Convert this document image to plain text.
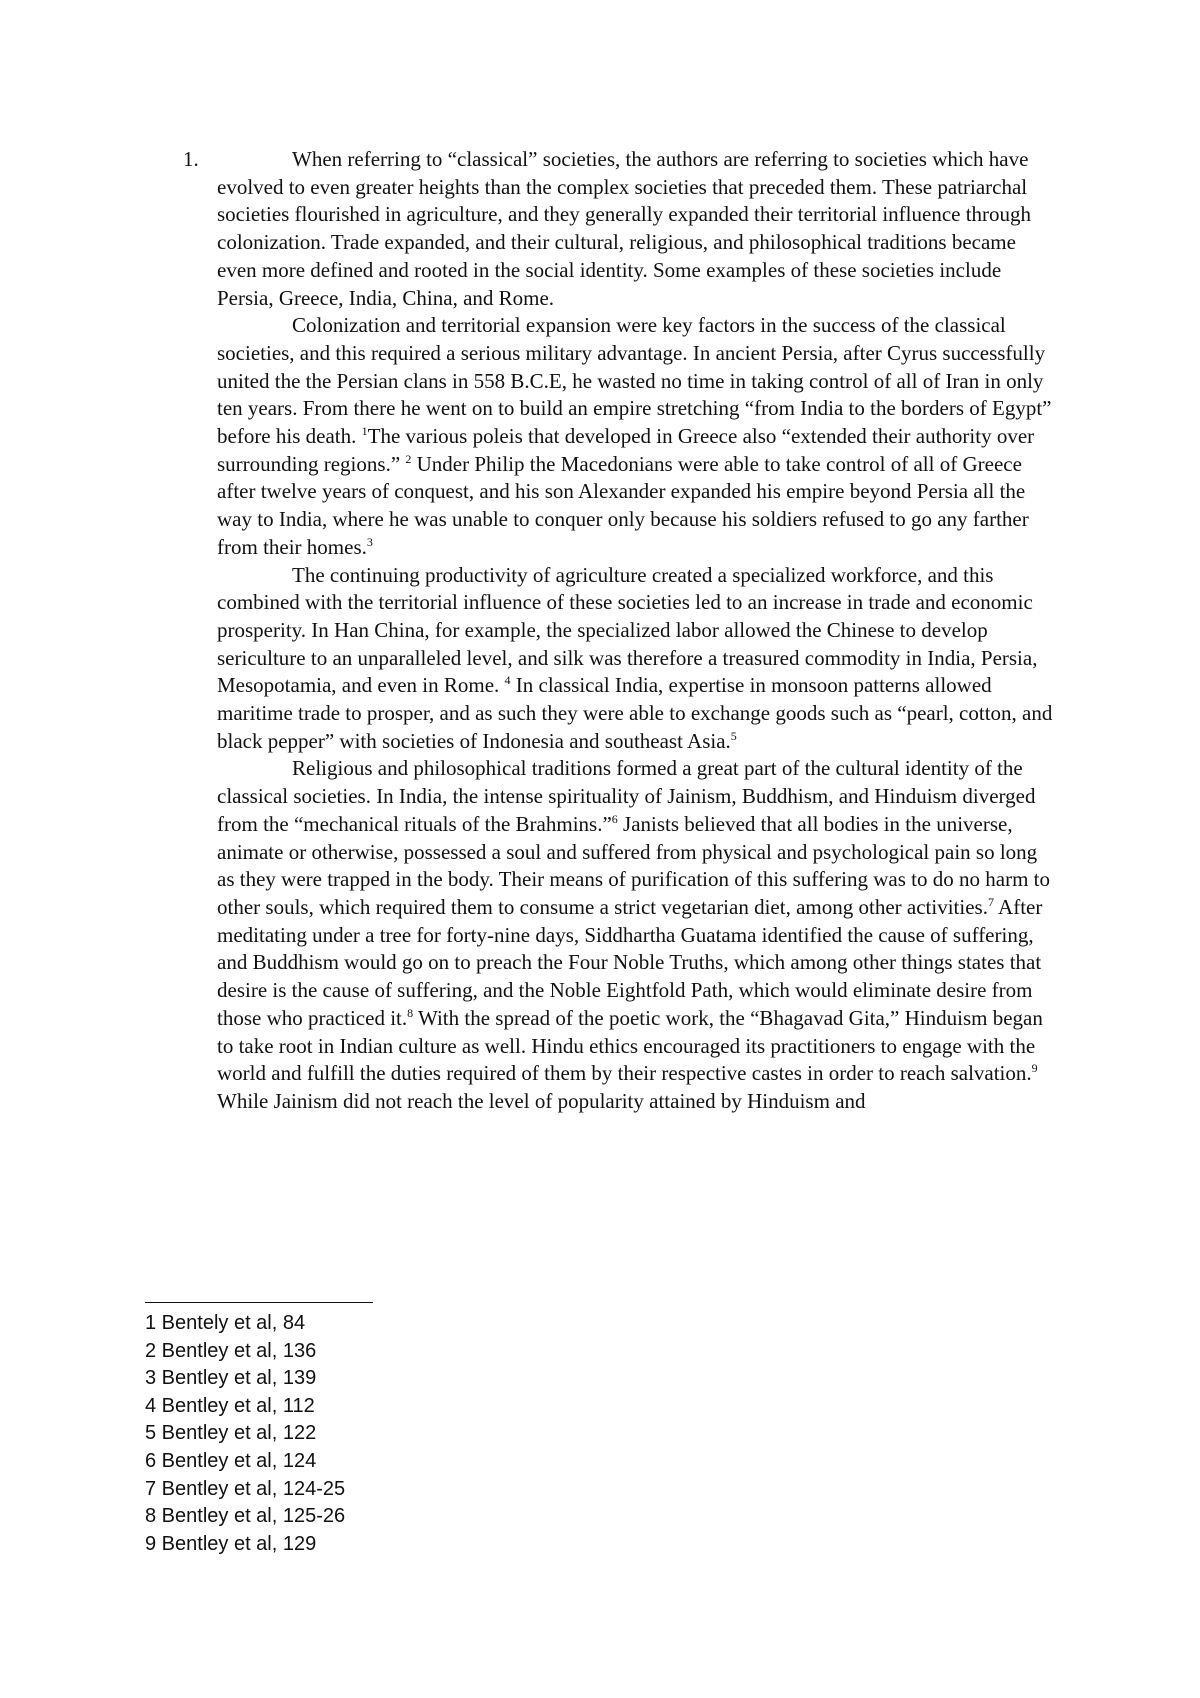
1.	When referring to “classical” societies, the authors are referring to societies which have evolved to even greater heights than the complex societies that preceded them. These patriarchal societies flourished in agriculture, and they generally expanded their territorial influence through colonization. Trade expanded, and their cultural, religious, and philosophical traditions became even more defined and rooted in the social identity. Some examples of these societies include Persia, Greece, India, China, and Rome.

Colonization and territorial expansion were key factors in the success of the classical societies, and this required a serious military advantage. In ancient Persia, after Cyrus successfully united the the Persian clans in 558 B.C.E, he wasted no time in taking control of all of Iran in only ten years. From there he went on to build an empire stretching “from India to the borders of Egypt” before his death. $^1$The various poleis that developed in Greece also “extended their authority over surrounding regions.” $^2$ Under Philip the Macedonians were able to take control of all of Greece after twelve years of conquest, and his son Alexander expanded his empire beyond Persia all the way to India, where he was unable to conquer only because his soldiers refused to go any farther from their homes.$^3$

The continuing productivity of agriculture created a specialized workforce, and this combined with the territorial influence of these societies led to an increase in trade and economic prosperity. In Han China, for example, the specialized labor allowed the Chinese to develop sericulture to an unparalleled level, and silk was therefore a treasured commodity in India, Persia, Mesopotamia, and even in Rome. $^4$ In classical India, expertise in monsoon patterns allowed maritime trade to prosper, and as such they were able to exchange goods such as “pearl, cotton, and black pepper” with societies of Indonesia and southeast Asia.$^5$

Religious and philosophical traditions formed a great part of the cultural identity of the classical societies. In India, the intense spirituality of Jainism, Buddhism, and Hinduism diverged from the “mechanical rituals of the Brahmins.”$^6$ Janists believed that all bodies in the universe, animate or otherwise, possessed a soul and suffered from physical and psychological pain so long as they were trapped in the body. Their means of purification of this suffering was to do no harm to other souls, which required them to consume a strict vegetarian diet, among other activities.$^7$ After meditating under a tree for forty-nine days, Siddhartha Guatama identified the cause of suffering, and Buddhism would go on to preach the Four Noble Truths, which among other things states that desire is the cause of suffering, and the Noble Eightfold Path, which would eliminate desire from those who practiced it.$^8$ With the spread of the poetic work, the “Bhagavad Gita,” Hinduism began to take root in Indian culture as well. Hindu ethics encouraged its practitioners to engage with the world and fulfill the duties required of them by their respective castes in order to reach salvation.$^9$ While Jainism did not reach the level of popularity attained by Hinduism and

1 Bentely et al, 84
2 Bentley et al, 136
3 Bentley et al, 139
4 Bentley et al, 112
5 Bentley et al, 122
6 Bentley et al, 124
7 Bentley et al, 124-25
8 Bentley et al, 125-26
9 Bentley et al, 129
